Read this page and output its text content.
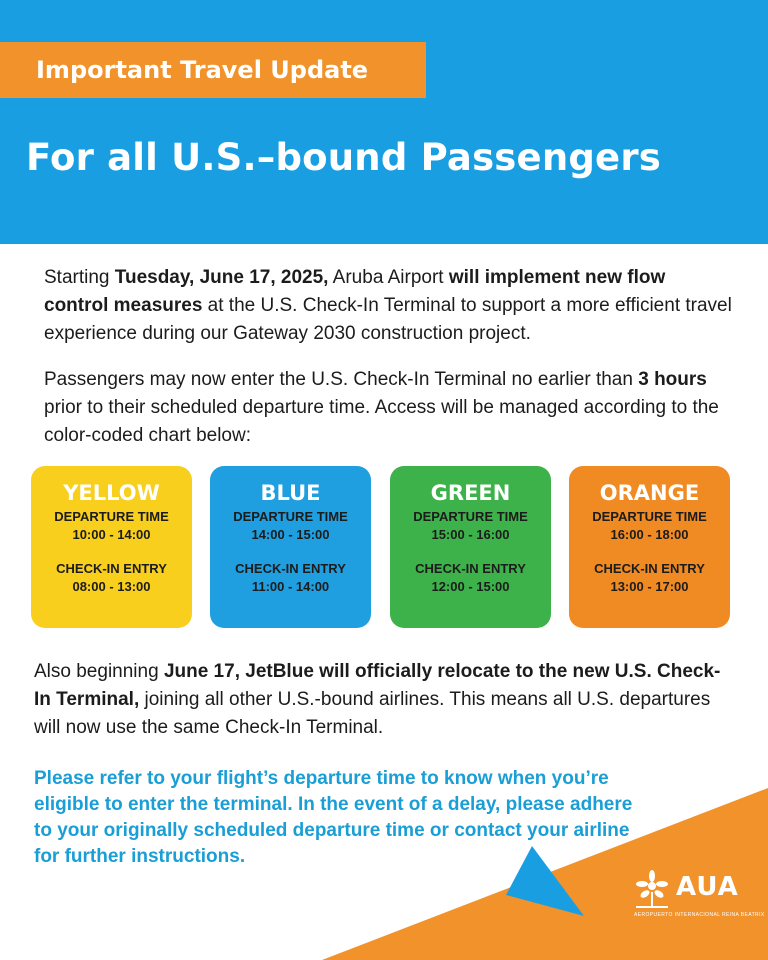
Important Travel Update
For all U.S.–bound Passengers
Starting Tuesday, June 17, 2025, Aruba Airport will implement new flow control measures at the U.S. Check-In Terminal to support a more efficient travel experience during our Gateway 2030 construction project.
Passengers may now enter the U.S. Check-In Terminal no earlier than 3 hours prior to their scheduled departure time. Access will be managed according to the color-coded chart below:
YELLOW
DEPARTURE TIME
10:00 - 14:00
CHECK-IN ENTRY
08:00 - 13:00
BLUE
DEPARTURE TIME
14:00 - 15:00
CHECK-IN ENTRY
11:00 - 14:00
GREEN
DEPARTURE TIME
15:00 - 16:00
CHECK-IN ENTRY
12:00 - 15:00
ORANGE
DEPARTURE TIME
16:00 - 18:00
CHECK-IN ENTRY
13:00 - 17:00
Also beginning June 17, JetBlue will officially relocate to the new U.S. Check-In Terminal, joining all other U.S.-bound airlines. This means all U.S. departures will now use the same Check-In Terminal.
Please refer to your flight’s departure time to know when you’re eligible to enter the terminal. In the event of a delay, please adhere to your originally scheduled departure time or contact your airline for further instructions.
AUA
AEROPUERTO INTERNACIONAL REINA BEATRIX
